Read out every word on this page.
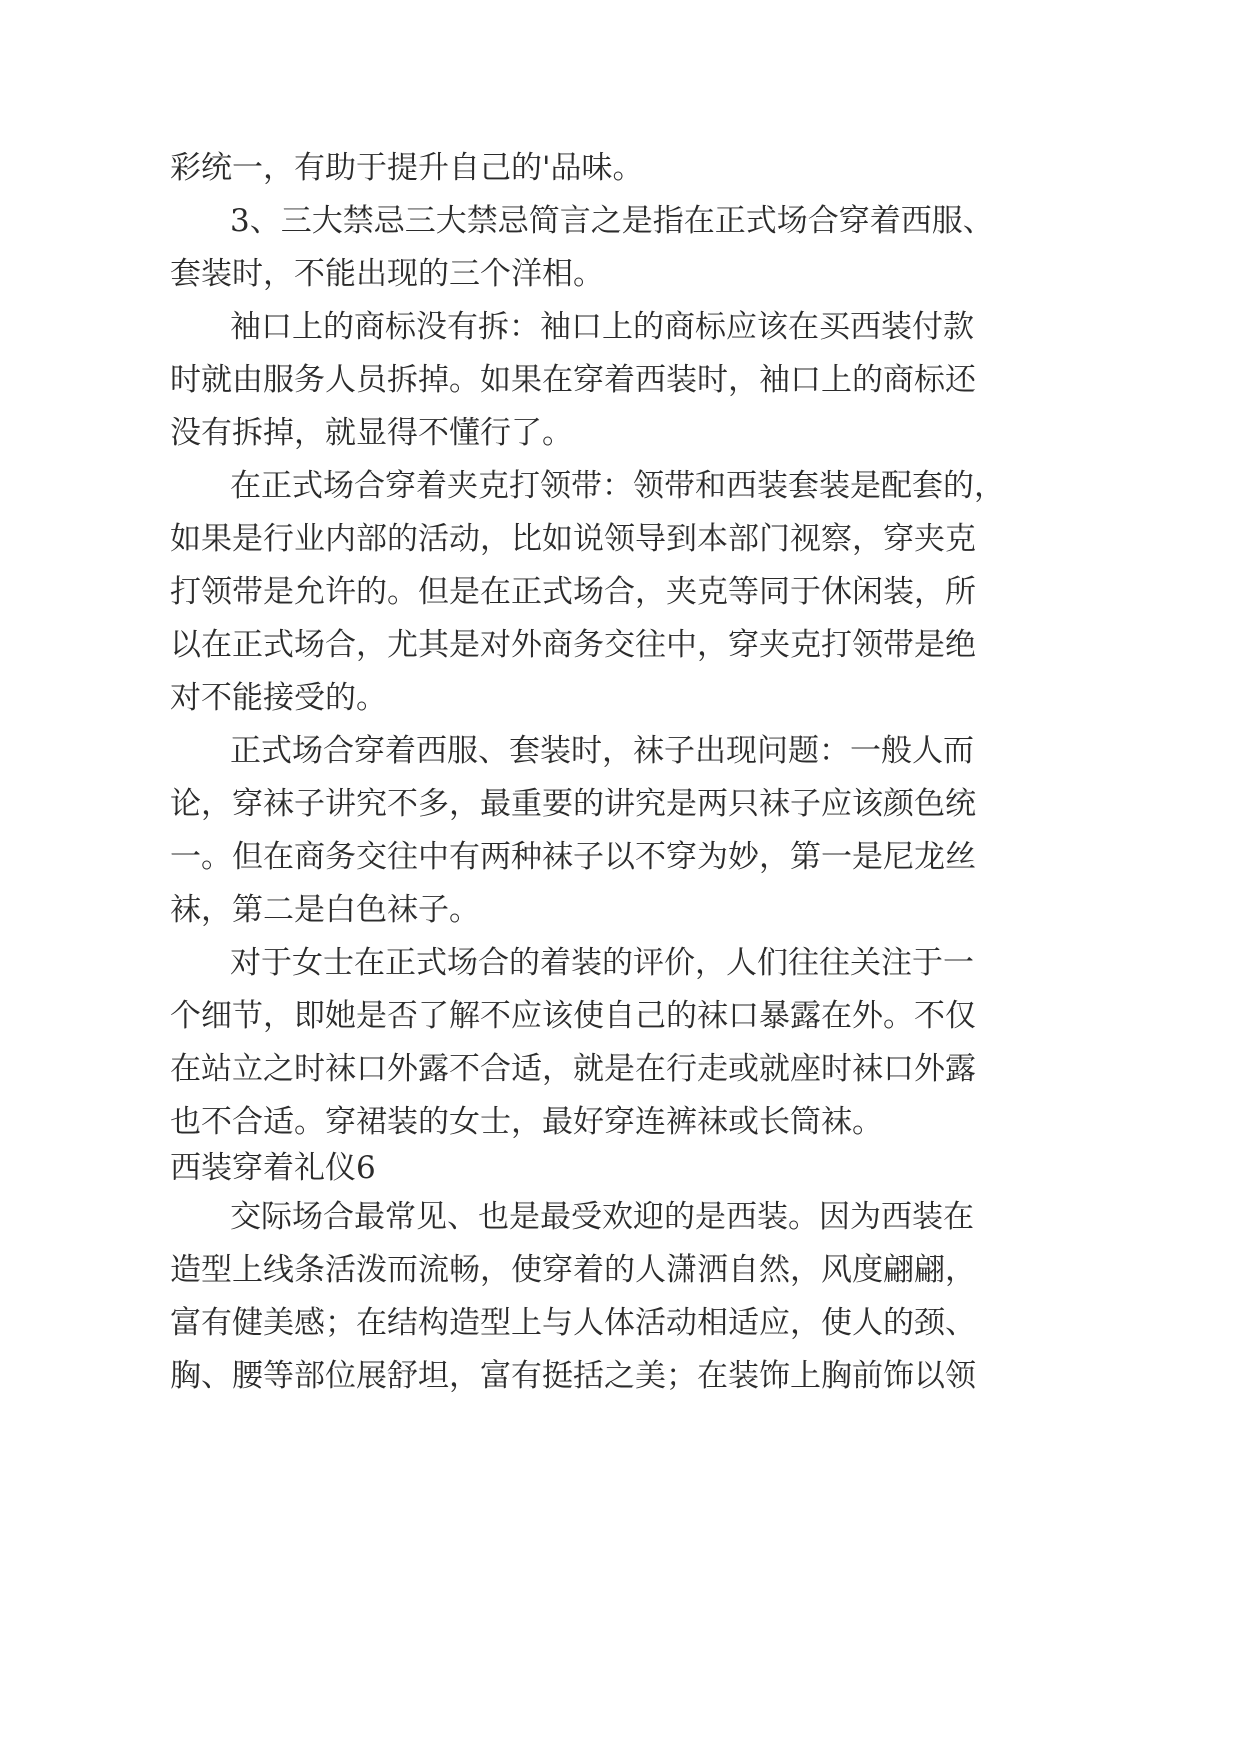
彩统一，有助于提升自己的'品味。
3、三大禁忌三大禁忌简言之是指在正式场合穿着西服、
套装时，不能出现的三个洋相。
袖口上的商标没有拆：袖口上的商标应该在买西装付款
时就由服务人员拆掉。如果在穿着西装时，袖口上的商标还
没有拆掉，就显得不懂行了。
在正式场合穿着夹克打领带：领带和西装套装是配套的，
如果是行业内部的活动，比如说领导到本部门视察，穿夹克
打领带是允许的。但是在正式场合，夹克等同于休闲装，所
以在正式场合，尤其是对外商务交往中，穿夹克打领带是绝
对不能接受的。
正式场合穿着西服、套装时，袜子出现问题：一般人而
论，穿袜子讲究不多，最重要的讲究是两只袜子应该颜色统
一。但在商务交往中有两种袜子以不穿为妙，第一是尼龙丝
袜，第二是白色袜子。
对于女士在正式场合的着装的评价，人们往往关注于一
个细节，即她是否了解不应该使自己的袜口暴露在外。不仅
在站立之时袜口外露不合适，就是在行走或就座时袜口外露
也不合适。穿裙装的女士，最好穿连裤袜或长筒袜。
西装穿着礼仪6
交际场合最常见、也是最受欢迎的是西装。因为西装在
造型上线条活泼而流畅，使穿着的人潇洒自然，风度翩翩，
富有健美感；在结构造型上与人体活动相适应，使人的颈、
胸、腰等部位展舒坦，富有挺括之美；在装饰上胸前饰以领
